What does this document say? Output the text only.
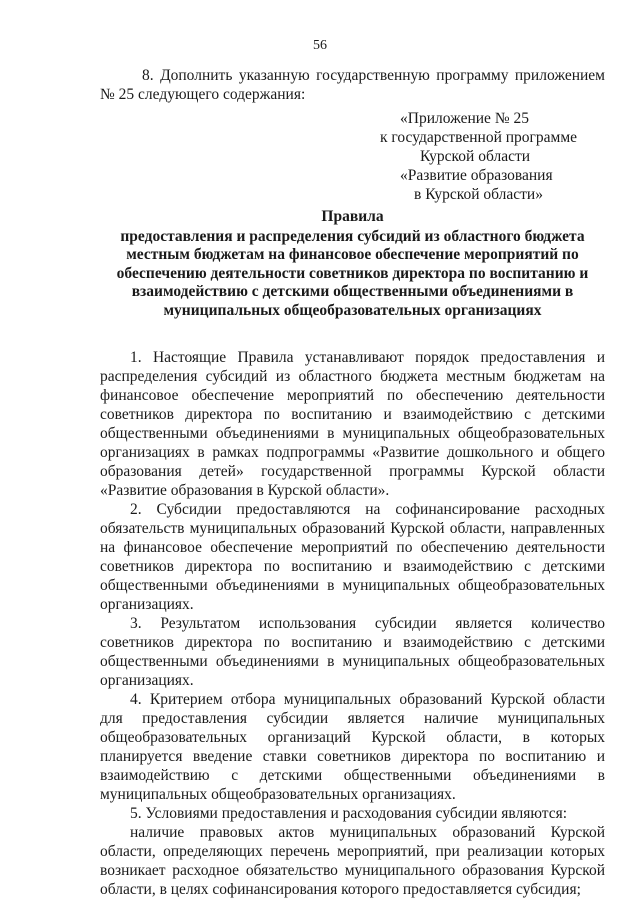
56
8. Дополнить указанную государственную программу приложением № 25 следующего содержания:
«Приложение № 25
к государственной программе
Курской области
«Развитие образования
в Курской области»
Правила
предоставления и распределения субсидий из областного бюджета местным бюджетам на финансовое обеспечение мероприятий по обеспечению деятельности советников директора по воспитанию и взаимодействию с детскими общественными объединениями в муниципальных общеобразовательных организациях

1. Настоящие Правила устанавливают порядок предоставления и распределения субсидий из областного бюджета местным бюджетам на финансовое обеспечение мероприятий по обеспечению деятельности советников директора по воспитанию и взаимодействию с детскими общественными объединениями в муниципальных общеобразовательных организациях в рамках подпрограммы «Развитие дошкольного и общего образования детей» государственной программы Курской области «Развитие образования в Курской области».

2. Субсидии предоставляются на софинансирование расходных обязательств муниципальных образований Курской области, направленных на финансовое обеспечение мероприятий по обеспечению деятельности советников директора по воспитанию и взаимодействию с детскими общественными объединениями в муниципальных общеобразовательных организациях.

3. Результатом использования субсидии является количество советников директора по воспитанию и взаимодействию с детскими общественными объединениями в муниципальных общеобразовательных организациях.

4. Критерием отбора муниципальных образований Курской области для предоставления субсидии является наличие муниципальных общеобразовательных организаций Курской области, в которых планируется введение ставки советников директора по воспитанию и взаимодействию с детскими общественными объединениями в муниципальных общеобразовательных организациях.

5. Условиями предоставления и расходования субсидии являются:

наличие правовых актов муниципальных образований Курской области, определяющих перечень мероприятий, при реализации которых возникает расходное обязательство муниципального образования Курской области, в целях софинансирования которого предоставляется субсидия;
